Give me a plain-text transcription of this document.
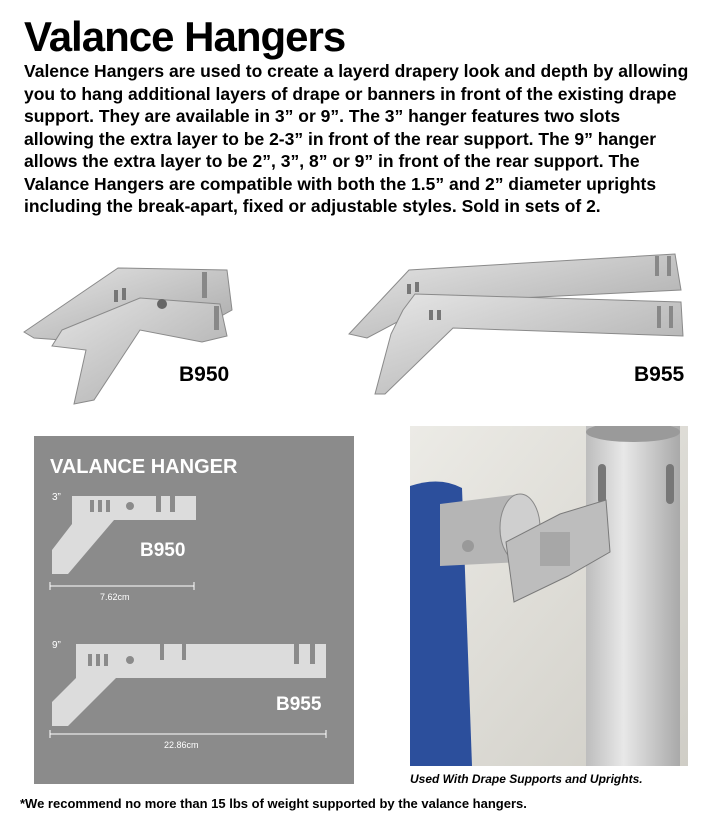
Valance Hangers

Valence Hangers are used to create a layerd drapery look and depth by allowing you to hang additional layers of drape or banners in front of the existing drape support. They are available in 3” or 9”. The 3” hanger features two slots allowing the extra layer to be 2-3” in front of the rear support. The 9” hanger allows the extra layer to be 2”, 3”, 8” or 9” in front of the rear support. The Valance Hangers are compatible with both the 1.5” and 2” diameter uprights including the break-apart, fixed or adjustable styles. Sold in sets of 2.

B950	B955
VALANCE HANGER
3”
B950
7.62cm
9”
B955
22.86cm
Used With Drape Supports and Uprights.
*We recommend no more than 15 lbs of weight supported by the valance hangers.
